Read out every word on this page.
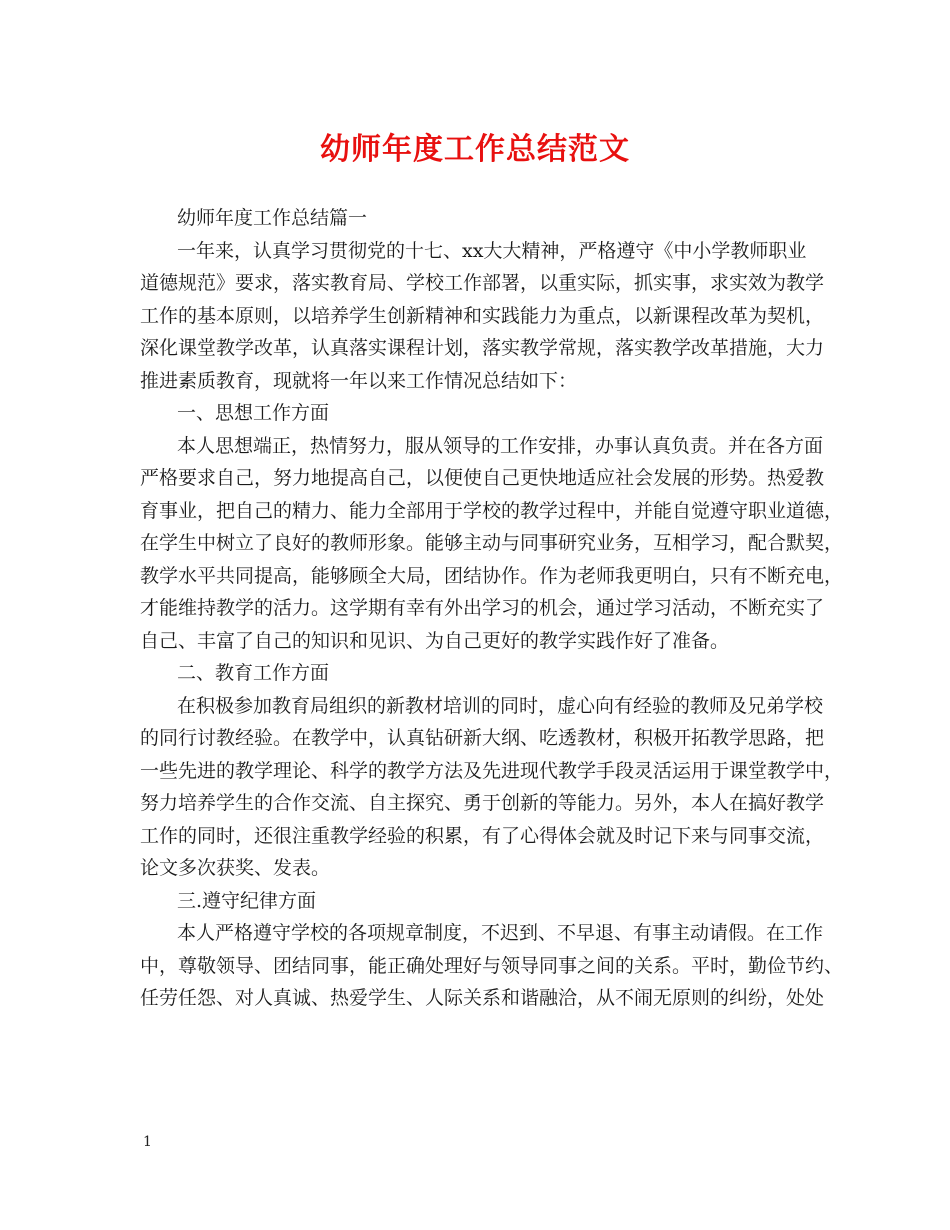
幼师年度工作总结范文

幼师年度工作总结篇一

一年来，认真学习贯彻党的十七、xx大大精神，严格遵守《中小学教师职业

道德规范》要求，落实教育局、学校工作部署，以重实际，抓实事，求实效为教学

工作的基本原则，以培养学生创新精神和实践能力为重点，以新课程改革为契机，

深化课堂教学改革，认真落实课程计划，落实教学常规，落实教学改革措施，大力

推进素质教育，现就将一年以来工作情况总结如下：

一、思想工作方面

本人思想端正，热情努力，服从领导的工作安排，办事认真负责。并在各方面

严格要求自己，努力地提高自己，以便使自己更快地适应社会发展的形势。热爱教

育事业，把自己的精力、能力全部用于学校的教学过程中，并能自觉遵守职业道德，

在学生中树立了良好的教师形象。能够主动与同事研究业务，互相学习，配合默契，

教学水平共同提高，能够顾全大局，团结协作。作为老师我更明白，只有不断充电，

才能维持教学的活力。这学期有幸有外出学习的机会，通过学习活动，不断充实了

自己、丰富了自己的知识和见识、为自己更好的教学实践作好了准备。

二、教育工作方面

在积极参加教育局组织的新教材培训的同时，虚心向有经验的教师及兄弟学校

的同行讨教经验。在教学中，认真钻研新大纲、吃透教材，积极开拓教学思路，把

一些先进的教学理论、科学的教学方法及先进现代教学手段灵活运用于课堂教学中，

努力培养学生的合作交流、自主探究、勇于创新的等能力。另外，本人在搞好教学

工作的同时，还很注重教学经验的积累，有了心得体会就及时记下来与同事交流，

论文多次获奖、发表。

三.遵守纪律方面

本人严格遵守学校的各项规章制度，不迟到、不早退、有事主动请假。在工作

中，尊敬领导、团结同事，能正确处理好与领导同事之间的关系。平时，勤俭节约、

任劳任怨、对人真诚、热爱学生、人际关系和谐融洽，从不闹无原则的纠纷，处处

1
